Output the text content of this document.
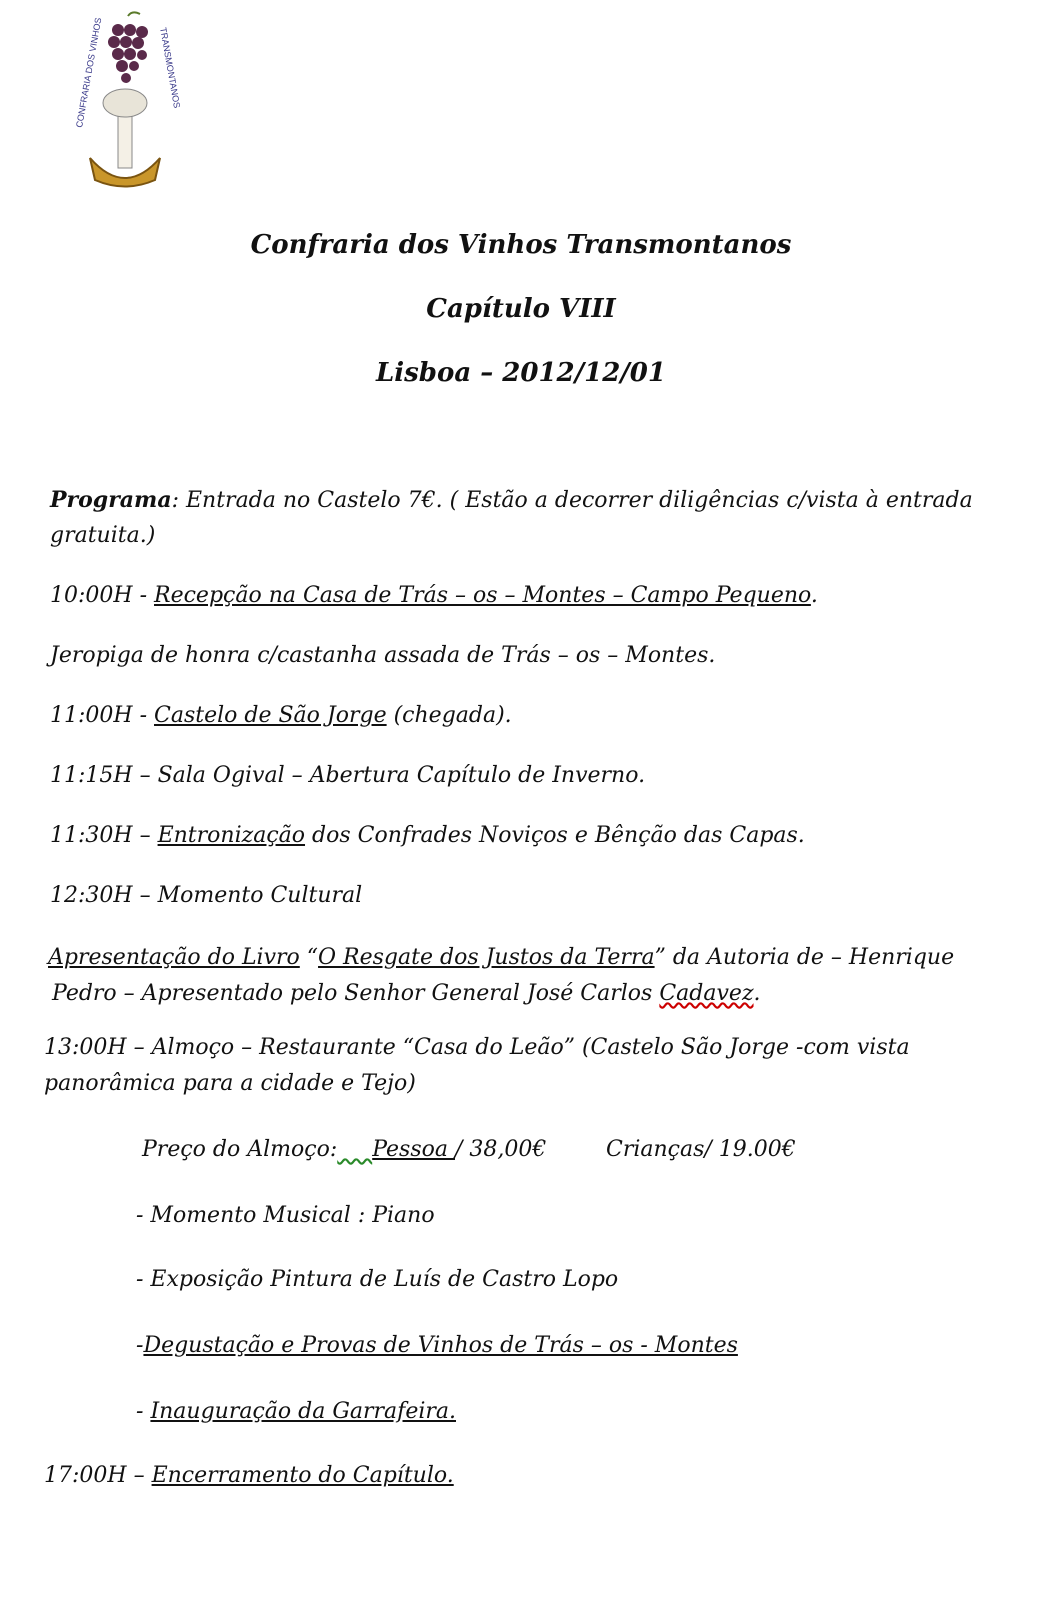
CONFRARIA DOS VINHOS	TRANSMONTANOS
Confraria dos Vinhos Transmontanos
Capítulo VIII
Lisboa – 2012/12/01
Programa: Entrada no Castelo 7€. ( Estão a decorrer diligências c/vista à entrada
gratuita.)
10:00H - Recepção na Casa de Trás – os – Montes – Campo Pequeno.
Jeropiga de honra c/castanha assada de Trás – os – Montes.
11:00H - Castelo de São Jorge (chegada).
11:15H – Sala Ogival – Abertura Capítulo de Inverno.
11:30H – Entronização dos Confrades Noviços e Bênção das Capas.
12:30H – Momento Cultural
Apresentação do Livro “O Resgate dos Justos da Terra” da Autoria de – Henrique
Pedro – Apresentado pelo Senhor General José Carlos Cadavez.
13:00H – Almoço – Restaurante “Casa do Leão” (Castelo São Jorge -com vista
panorâmica para a cidade e Tejo)
Preço do Almoço: Pessoa / 38,00€	Crianças/ 19.00€
- Momento Musical : Piano
- Exposição Pintura de Luís de Castro Lopo
-Degustação e Provas de Vinhos de Trás – os - Montes
- Inauguração da Garrafeira.
17:00H – Encerramento do Capítulo.
